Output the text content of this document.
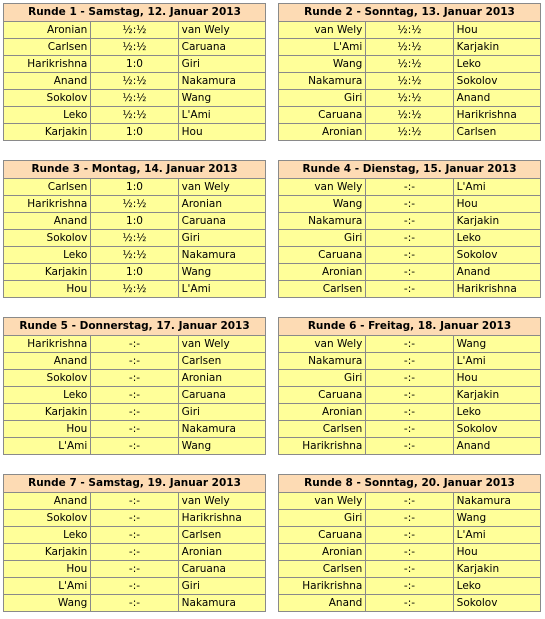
Runde 1 - Samstag, 12. Januar 2013		
Aronian	½:½	van Wely
Carlsen	½:½	Caruana
Harikrishna	1:0	Giri
Anand	½:½	Nakamura
Sokolov	½:½	Wang
Leko	½:½	L'Ami
Karjakin	1:0	Hou
Runde 2 - Sonntag, 13. Januar 2013		
van Wely	½:½	Hou
L'Ami	½:½	Karjakin
Wang	½:½	Leko
Nakamura	½:½	Sokolov
Giri	½:½	Anand
Caruana	½:½	Harikrishna
Aronian	½:½	Carlsen
Runde 3 - Montag, 14. Januar 2013		
Carlsen	1:0	van Wely
Harikrishna	½:½	Aronian
Anand	1:0	Caruana
Sokolov	½:½	Giri
Leko	½:½	Nakamura
Karjakin	1:0	Wang
Hou	½:½	L'Ami
Runde 4 - Dienstag, 15. Januar 2013		
van Wely	-:-	L'Ami
Wang	-:-	Hou
Nakamura	-:-	Karjakin
Giri	-:-	Leko
Caruana	-:-	Sokolov
Aronian	-:-	Anand
Carlsen	-:-	Harikrishna
Runde 5 - Donnerstag, 17. Januar 2013		
Harikrishna	-:-	van Wely
Anand	-:-	Carlsen
Sokolov	-:-	Aronian
Leko	-:-	Caruana
Karjakin	-:-	Giri
Hou	-:-	Nakamura
L'Ami	-:-	Wang
Runde 6 - Freitag, 18. Januar 2013		
van Wely	-:-	Wang
Nakamura	-:-	L'Ami
Giri	-:-	Hou
Caruana	-:-	Karjakin
Aronian	-:-	Leko
Carlsen	-:-	Sokolov
Harikrishna	-:-	Anand
Runde 7 - Samstag, 19. Januar 2013		
Anand	-:-	van Wely
Sokolov	-:-	Harikrishna
Leko	-:-	Carlsen
Karjakin	-:-	Aronian
Hou	-:-	Caruana
L'Ami	-:-	Giri
Wang	-:-	Nakamura
Runde 8 - Sonntag, 20. Januar 2013		
van Wely	-:-	Nakamura
Giri	-:-	Wang
Caruana	-:-	L'Ami
Aronian	-:-	Hou
Carlsen	-:-	Karjakin
Harikrishna	-:-	Leko
Anand	-:-	Sokolov
